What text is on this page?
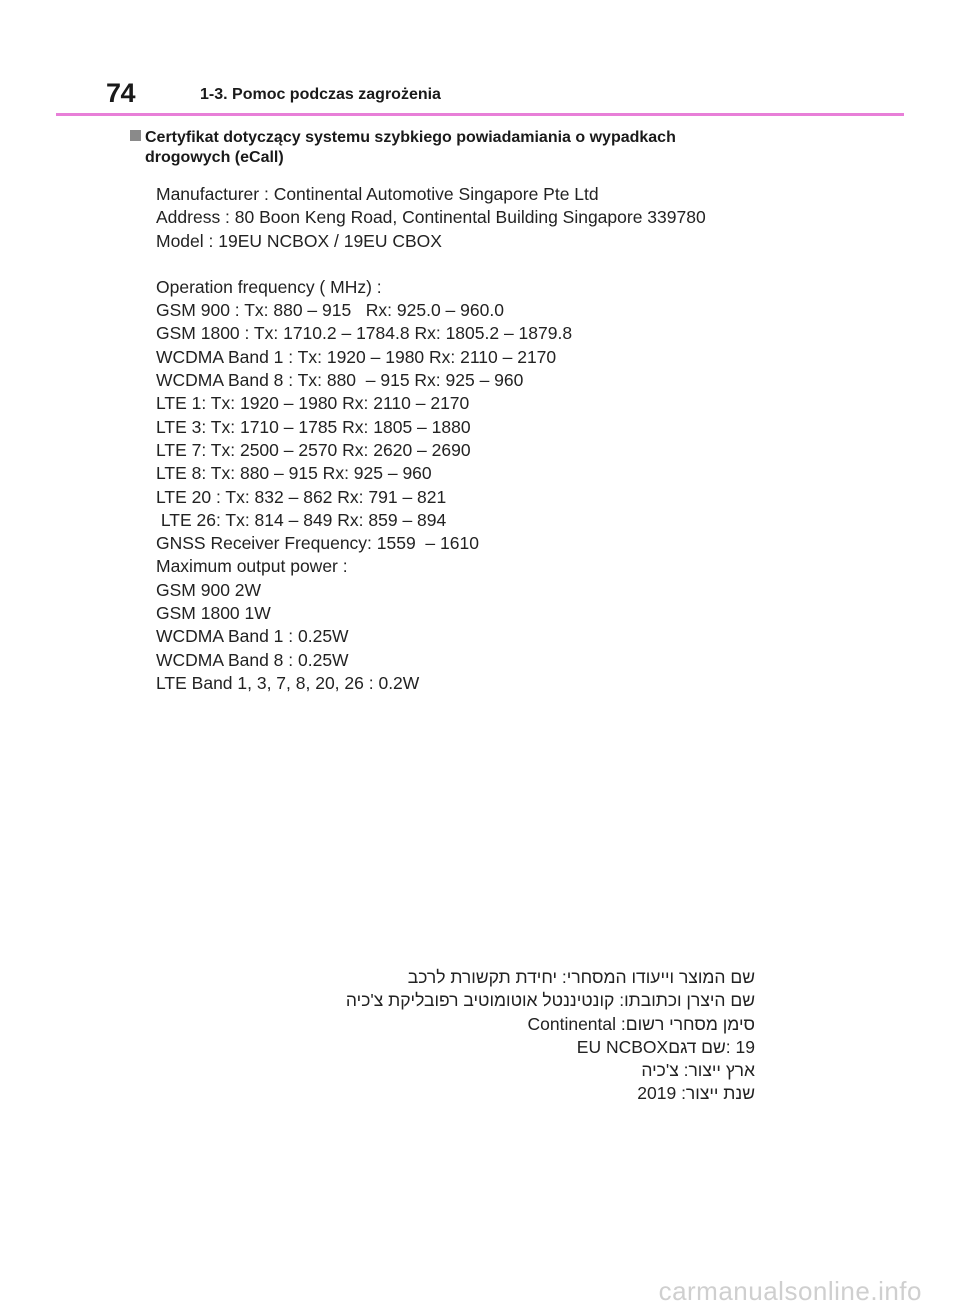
74	1-3. Pomoc podczas zagrożenia
Certyfikat dotyczący systemu szybkiego powiadamiania o wypadkach
drogowych (eCall)
Manufacturer : Continental Automotive Singapore Pte Ltd
Address : 80 Boon Keng Road, Continental Building Singapore 339780
Model : 19EU NCBOX / 19EU CBOX
Operation frequency ( MHz) :
GSM 900 : Tx: 880 – 915   Rx: 925.0 – 960.0
GSM 1800 : Tx: 1710.2 – 1784.8 Rx: 1805.2 – 1879.8
WCDMA Band 1 : Tx: 1920 – 1980 Rx: 2110 – 2170
WCDMA Band 8 : Tx: 880  – 915 Rx: 925 – 960
LTE 1: Tx: 1920 – 1980 Rx: 2110 – 2170
LTE 3: Tx: 1710 – 1785 Rx: 1805 – 1880
LTE 7: Tx: 2500 – 2570 Rx: 2620 – 2690
LTE 8: Tx: 880 – 915 Rx: 925 – 960
LTE 20 : Tx: 832 – 862 Rx: 791 – 821
LTE 26: Tx: 814 – 849 Rx: 859 – 894
GNSS Receiver Frequency: 1559  – 1610
Maximum output power :
GSM 900 2W
GSM 1800 1W
WCDMA Band 1 : 0.25W
WCDMA Band 8 : 0.25W
LTE Band 1, 3, 7, 8, 20, 26 : 0.2W
שם המוצר וייעודו המסחרי: יחידת תקשורת לרכב
שם היצרן וכתובתו: קונטיננטל אוטומוטיב רפובליקת צ'כיה
סימן מסחרי רשום: Continental
19 :שם דגםEU NCBOX
ארץ ייצור: צ'כיה
שנת ייצור: 2019
carmanualsonline.info
